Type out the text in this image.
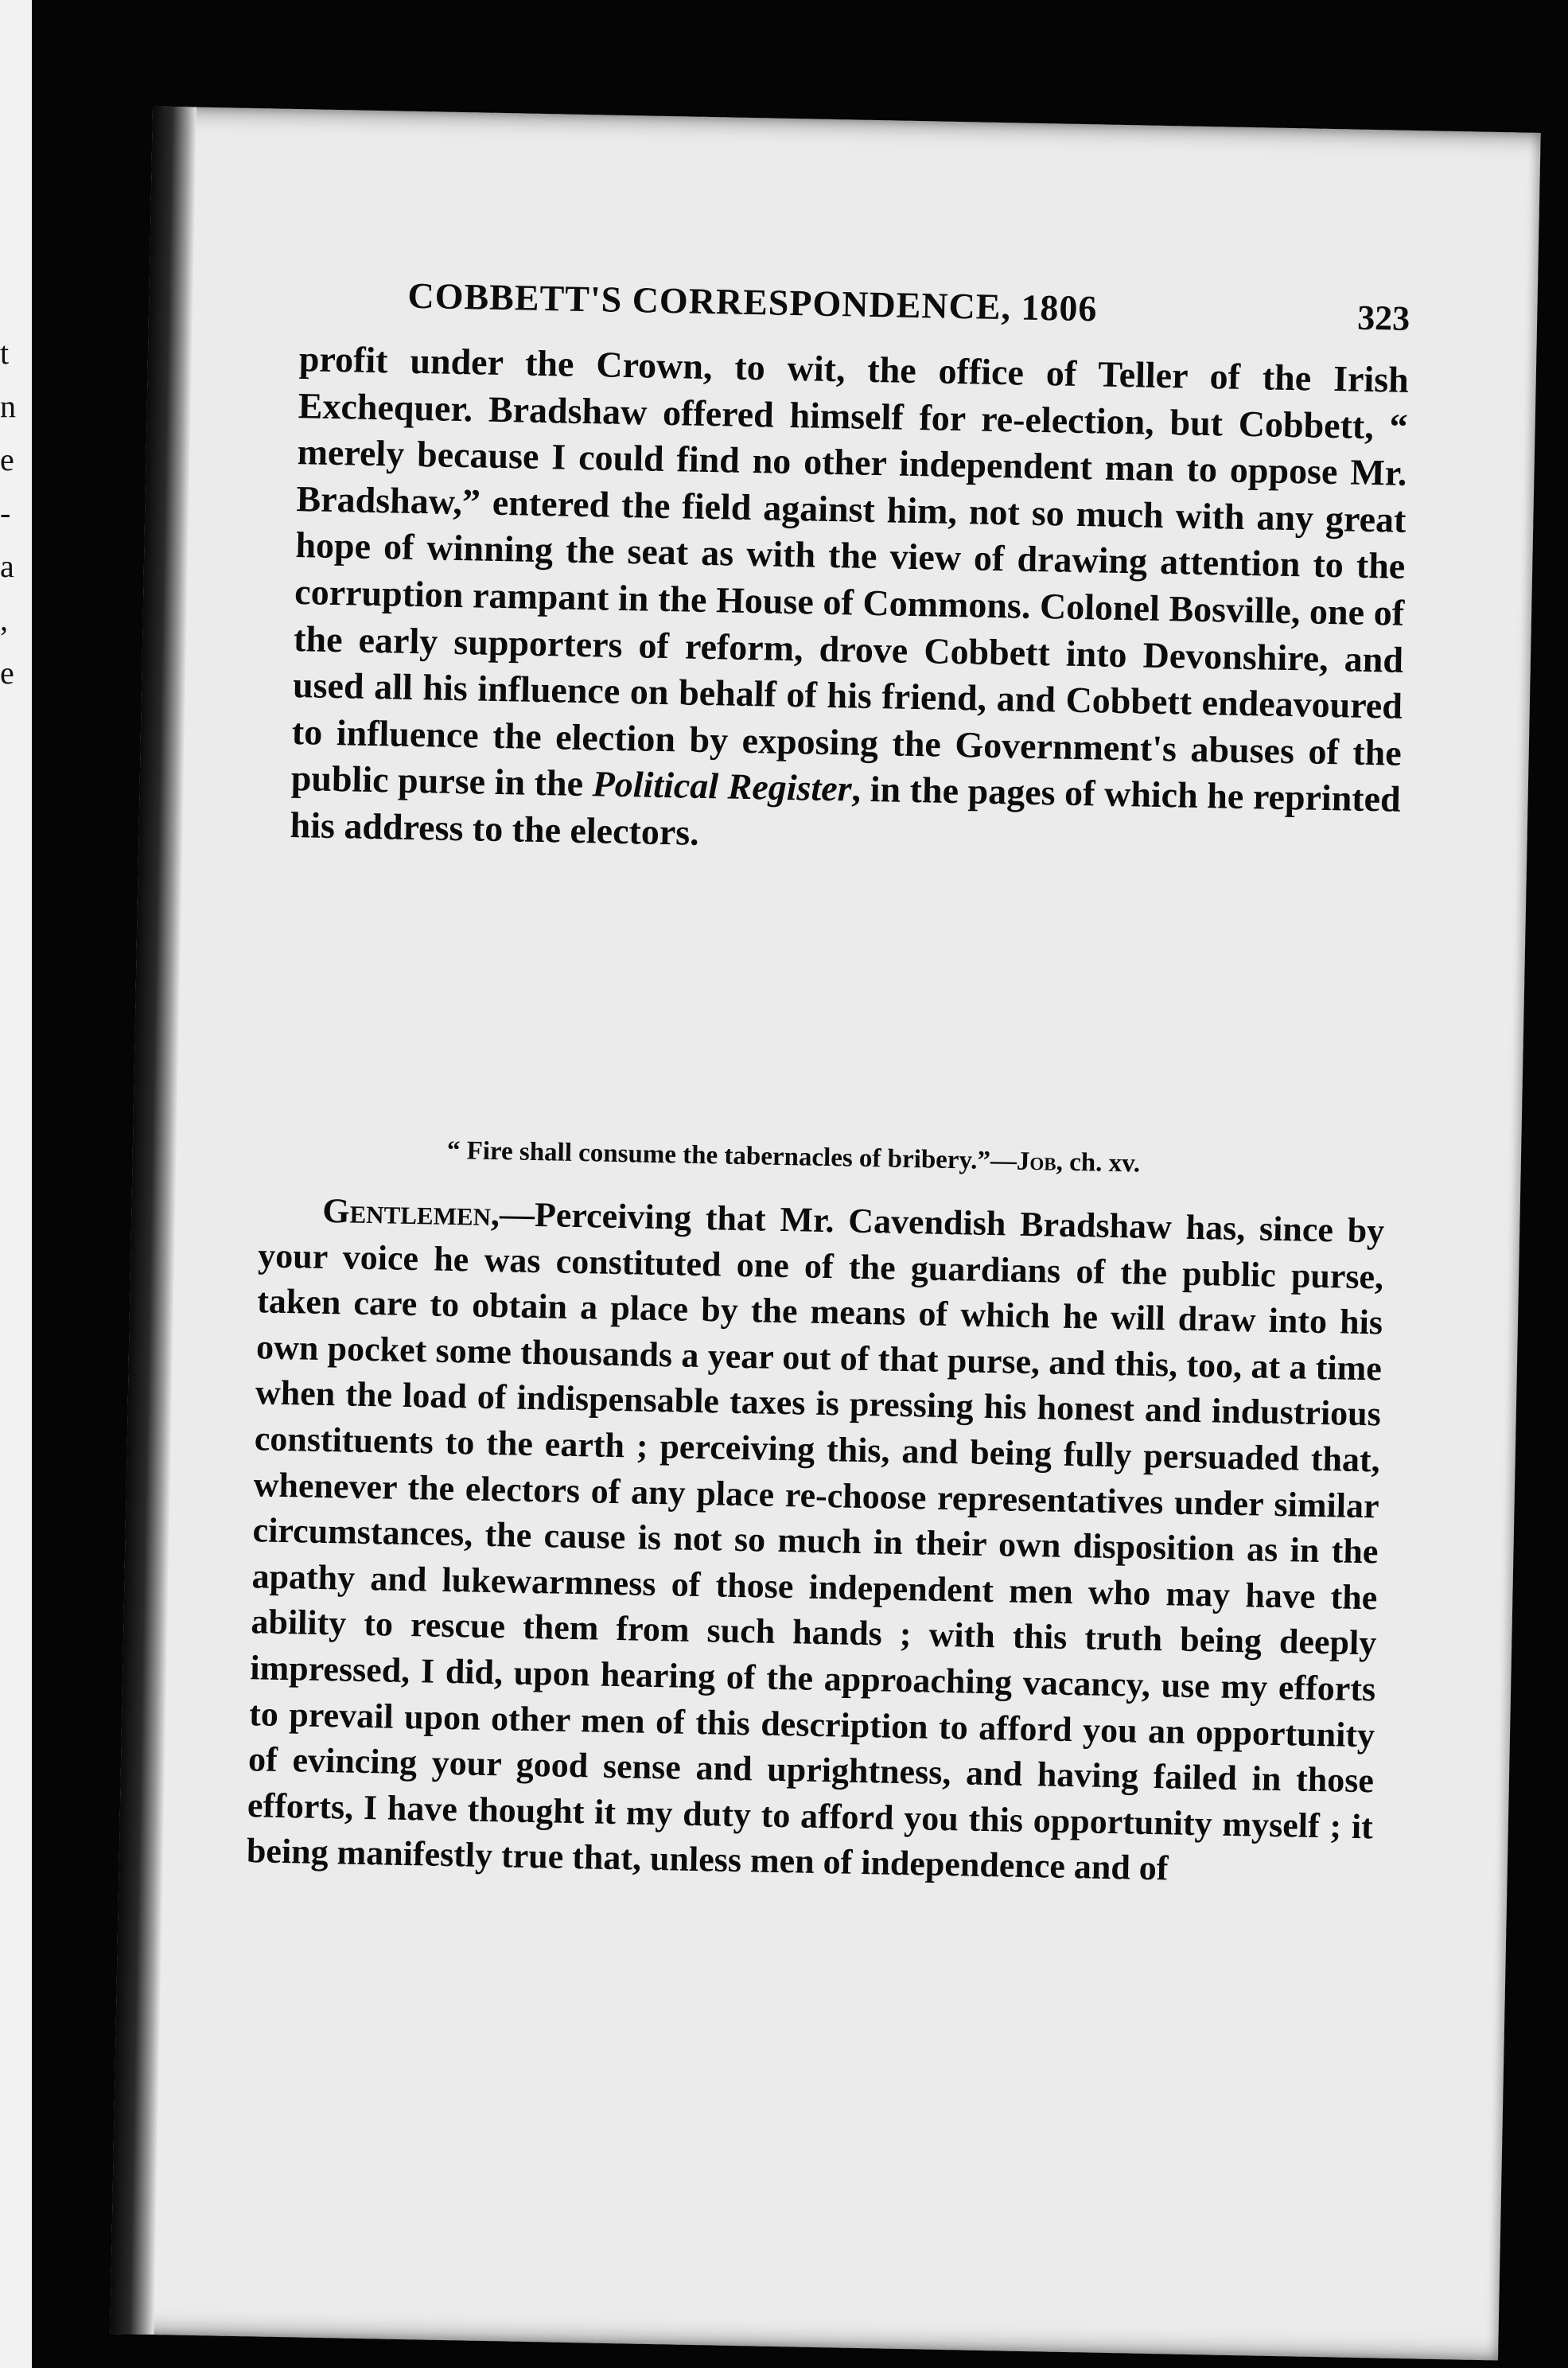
t
n
e
-
a
,
e
COBBETT'S CORRESPONDENCE, 1806	323

profit under the Crown, to wit, the office of Teller of the Irish Exchequer. Bradshaw offered himself for re-election, but Cobbett, “ merely because I could find no other independent man to oppose Mr. Bradshaw,” entered the field against him, not so much with any great hope of winning the seat as with the view of drawing attention to the corruption rampant in the House of Commons. Colonel Bosville, one of the early supporters of reform, drove Cobbett into Devonshire, and used all his influence on behalf of his friend, and Cobbett endeavoured to influence the election by exposing the Government's abuses of the public purse in the Political Register, in the pages of which he reprinted his address to the electors.

“ Fire shall consume the tabernacles of bribery.”—Job, ch. xv.

Gentlemen,—Perceiving that Mr. Cavendish Bradshaw has, since by your voice he was constituted one of the guardians of the public purse, taken care to obtain a place by the means of which he will draw into his own pocket some thousands a year out of that purse, and this, too, at a time when the load of indispensable taxes is pressing his honest and industrious constituents to the earth ; perceiving this, and being fully persuaded that, whenever the electors of any place re-choose representatives under similar circumstances, the cause is not so much in their own disposition as in the apathy and lukewarmness of those independent men who may have the ability to rescue them from such hands ; with this truth being deeply impressed, I did, upon hearing of the approaching vacancy, use my efforts to prevail upon other men of this description to afford you an opportunity of evincing your good sense and uprightness, and having failed in those efforts, I have thought it my duty to afford you this opportunity myself ; it being manifestly true that, unless men of independence and of
